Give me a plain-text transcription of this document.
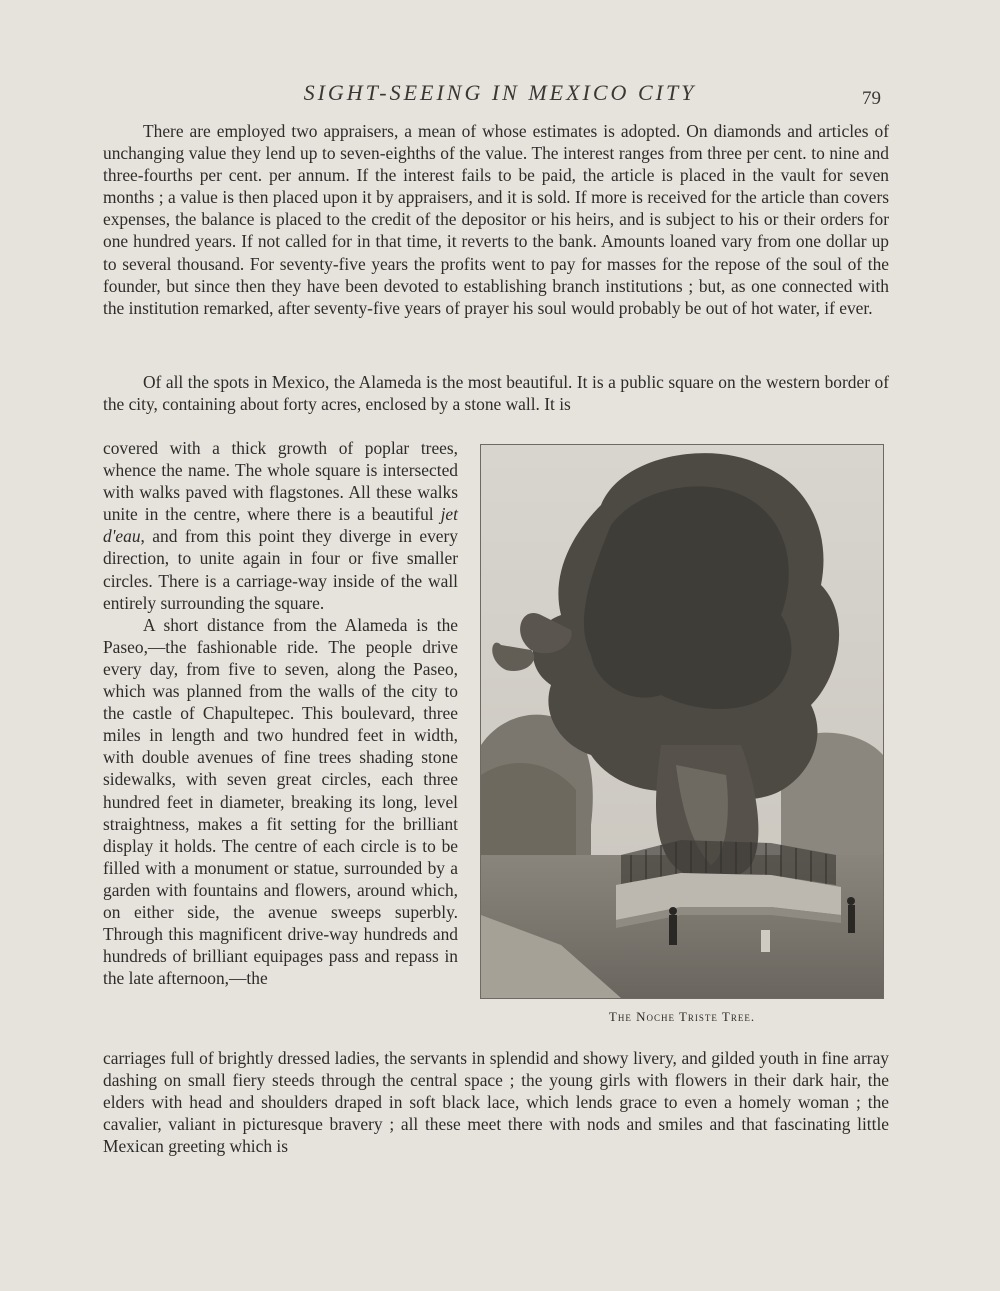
SIGHT-SEEING IN MEXICO CITY	79

There are employed two appraisers, a mean of whose estimates is adopted. On diamonds and articles of unchanging value they lend up to seven-eighths of the value. The interest ranges from three per cent. to nine and three-fourths per cent. per annum. If the interest fails to be paid, the article is placed in the vault for seven months ; a value is then placed upon it by appraisers, and it is sold. If more is received for the article than covers expenses, the balance is placed to the credit of the depositor or his heirs, and is subject to his or their orders for one hundred years. If not called for in that time, it reverts to the bank. Amounts loaned vary from one dollar up to several thousand. For seventy-five years the profits went to pay for masses for the repose of the soul of the founder, but since then they have been devoted to establishing branch institutions ; but, as one connected with the institution remarked, after seventy-five years of prayer his soul would probably be out of hot water, if ever.

Of all the spots in Mexico, the Alameda is the most beautiful. It is a public square on the western border of the city, containing about forty acres, enclosed by a stone wall. It is

covered with a thick growth of poplar trees, whence the name. The whole square is intersected with walks paved with flagstones. All these walks unite in the centre, where there is a beautiful jet d'eau, and from this point they diverge in every direction, to unite again in four or five smaller circles. There is a carriage-way inside of the wall entirely surrounding the square.

A short distance from the Alameda is the Paseo,—the fashionable ride. The people drive every day, from five to seven, along the Paseo, which was planned from the walls of the city to the castle of Chapultepec. This boulevard, three miles in length and two hundred feet in width, with double avenues of fine trees shading stone sidewalks, with seven great circles, each three hundred feet in diameter, breaking its long, level straightness, makes a fit setting for the brilliant display it holds. The centre of each circle is to be filled with a monument or statue, surrounded by a garden with fountains and flowers, around which, on either side, the avenue sweeps superbly. Through this magnificent drive-way hundreds and hundreds of brilliant equipages pass and repass in the late afternoon,—the

carriages full of brightly dressed ladies, the servants in splendid and showy livery, and gilded youth in fine array dashing on small fiery steeds through the central space ; the young girls with flowers in their dark hair, the elders with head and shoulders draped in soft black lace, which lends grace to even a homely woman ; the cavalier, valiant in picturesque bravery ; all these meet there with nods and smiles and that fascinating little Mexican greeting which is

The Noche Triste Tree.
